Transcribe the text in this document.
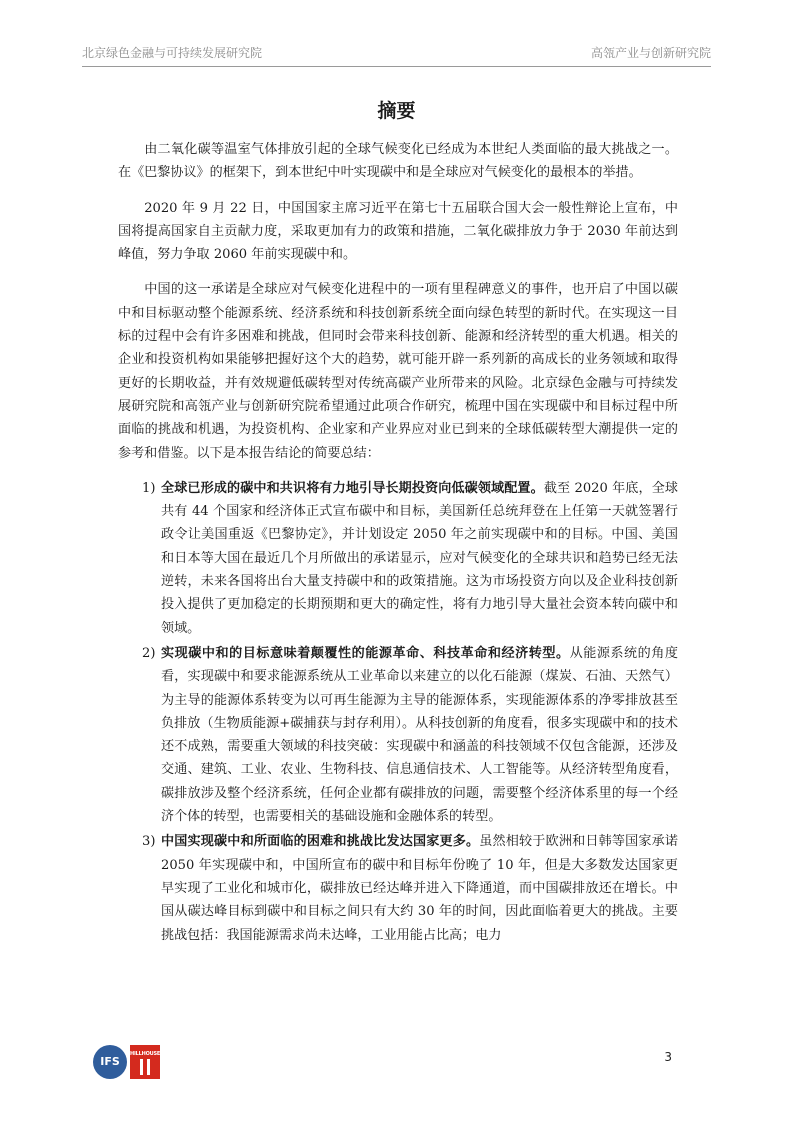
北京绿色金融与可持续发展研究院	高瓴产业与创新研究院
摘要

由二氧化碳等温室气体排放引起的全球气候变化已经成为本世纪人类面临的最大挑战之一。在《巴黎协议》的框架下，到本世纪中叶实现碳中和是全球应对气候变化的最根本的举措。

2020 年 9 月 22 日，中国国家主席习近平在第七十五届联合国大会一般性辩论上宣布，中国将提高国家自主贡献力度，采取更加有力的政策和措施，二氧化碳排放力争于 2030 年前达到峰值，努力争取 2060 年前实现碳中和。

中国的这一承诺是全球应对气候变化进程中的一项有里程碑意义的事件，也开启了中国以碳中和目标驱动整个能源系统、经济系统和科技创新系统全面向绿色转型的新时代。在实现这一目标的过程中会有许多困难和挑战，但同时会带来科技创新、能源和经济转型的重大机遇。相关的企业和投资机构如果能够把握好这个大的趋势，就可能开辟一系列新的高成长的业务领域和取得更好的长期收益，并有效规避低碳转型对传统高碳产业所带来的风险。北京绿色金融与可持续发展研究院和高瓴产业与创新研究院希望通过此项合作研究，梳理中国在实现碳中和目标过程中所面临的挑战和机遇，为投资机构、企业家和产业界应对业已到来的全球低碳转型大潮提供一定的参考和借鉴。以下是本报告结论的简要总结：

1) 全球已形成的碳中和共识将有力地引导长期投资向低碳领域配置。截至 2020 年底，全球共有 44 个国家和经济体正式宣布碳中和目标，美国新任总统拜登在上任第一天就签署行政令让美国重返《巴黎协定》，并计划设定 2050 年之前实现碳中和的目标。中国、美国和日本等大国在最近几个月所做出的承诺显示，应对气候变化的全球共识和趋势已经无法逆转，未来各国将出台大量支持碳中和的政策措施。这为市场投资方向以及企业科技创新投入提供了更加稳定的长期预期和更大的确定性，将有力地引导大量社会资本转向碳中和领域。
2) 实现碳中和的目标意味着颠覆性的能源革命、科技革命和经济转型。从能源系统的角度看，实现碳中和要求能源系统从工业革命以来建立的以化石能源（煤炭、石油、天然气）为主导的能源体系转变为以可再生能源为主导的能源体系，实现能源体系的净零排放甚至负排放（生物质能源+碳捕获与封存利用）。从科技创新的角度看，很多实现碳中和的技术还不成熟，需要重大领域的科技突破：实现碳中和涵盖的科技领域不仅包含能源，还涉及交通、建筑、工业、农业、生物科技、信息通信技术、人工智能等。从经济转型角度看，碳排放涉及整个经济系统，任何企业都有碳排放的问题，需要整个经济体系里的每一个经济个体的转型，也需要相关的基础设施和金融体系的转型。
3) 中国实现碳中和所面临的困难和挑战比发达国家更多。虽然相较于欧洲和日韩等国家承诺 2050 年实现碳中和，中国所宣布的碳中和目标年份晚了 10 年，但是大多数发达国家更早实现了工业化和城市化，碳排放已经达峰并进入下降通道，而中国碳排放还在增长。中国从碳达峰目标到碳中和目标之间只有大约 30 年的时间，因此面临着更大的挑战。主要挑战包括：我国能源需求尚未达峰，工业用能占比高；电力
IFS
HILLHOUSE	3
